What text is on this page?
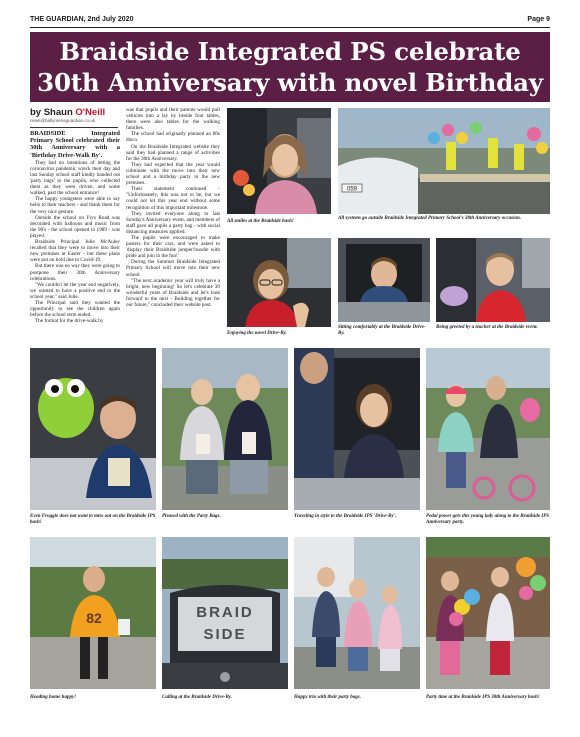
THE GUARDIAN, 2nd July 2020	Page 9
Braidside Integrated PS celebrate 30th Anniversary with novel Birthday
by Shaun O'Neill
news@ballymenaguardian.co.uk

BRAIDSIDE Integrated Primary School celebrated their 30th Anniversary with a 'Birthday Drive-Walk By'.

They had no intentions of letting the coronavirus pandemic wreck their day and last Sunday school staff kindly handed out 'party bags' to the pupils, who collected them as they were driven, and some walked, past the school entrance!

The happy youngsters were able to say hello to their teachers - and thank them for the very nice gesture.

Outside the school on Frys Road was decorated with balloons and music from the 90's - the school opened in 1989 - was played.

Braidside Principal Julie McAuley recalled that they were to move into their new premises at Easter - but these plans were put on hold due to Covid-19.

But there was no way they were going to postpone their 30th Anniversary celebrations.

"We couldn't let the year end negatively, we wanted to have a positive end to the school year," said Julie.

The Principal said they wanted the opportunity to see the children again before the school term ended.

The format for the drive-walk by

was that pupils and their parents would pull vehicles into a lay by beside four tables, there were also tables for the walking families.

The school had originally planned an 80s disco.

On the Braidside Integrated website they said they had planned a range of activities for the 30th Anniversary.

They had expected that the year would culminate with the move into their new school and a birthday party in the new premises.

Their statement continued - "Unfortunately, this was not to be, but we could not let this year end without some recognition of this important milestone.

They invited everyone along to last Sunday's Anniversary event, and members of staff gave all pupils a party bag - with social distancing measures applied.

The pupils were encouraged to make posters for their cars, and were asked to 'display their Braidside jumper/hoodie with pride and join in the fun!'

During the Summer Braidside Integrated Primary School will move into their new school.

"The next academic year will truly have a bright, new beginning! So let's celebrate 30 wonderful years of Braidside and let's look forward to the next - Building together for our future," concluded their website post.

All smiles at the Braidside bash!
059
All systems go outside Braidside Integrated Primary School's 30th Anniversary occasion.
Enjoying the novel Drive-By.
Sitting comfortably at the Braidside Drive-By.
Being greeted by a teacher at the Braidside event.
Even Froggie does not want to miss out on the Braidside IPS bash!
Pleased with the Party Bags.	Traveling in style to the Braidside IPS 'Drive-By'.	Pedal power gets this young lady along to the Braidside IPS Anniversary party.
82
Heading home happy!
BRAID
SIDE
Calling at the Braidside Drive-By.	Happy trio with their party bags.	Party time at the Braidside IPS 30th Anniversary bash!
